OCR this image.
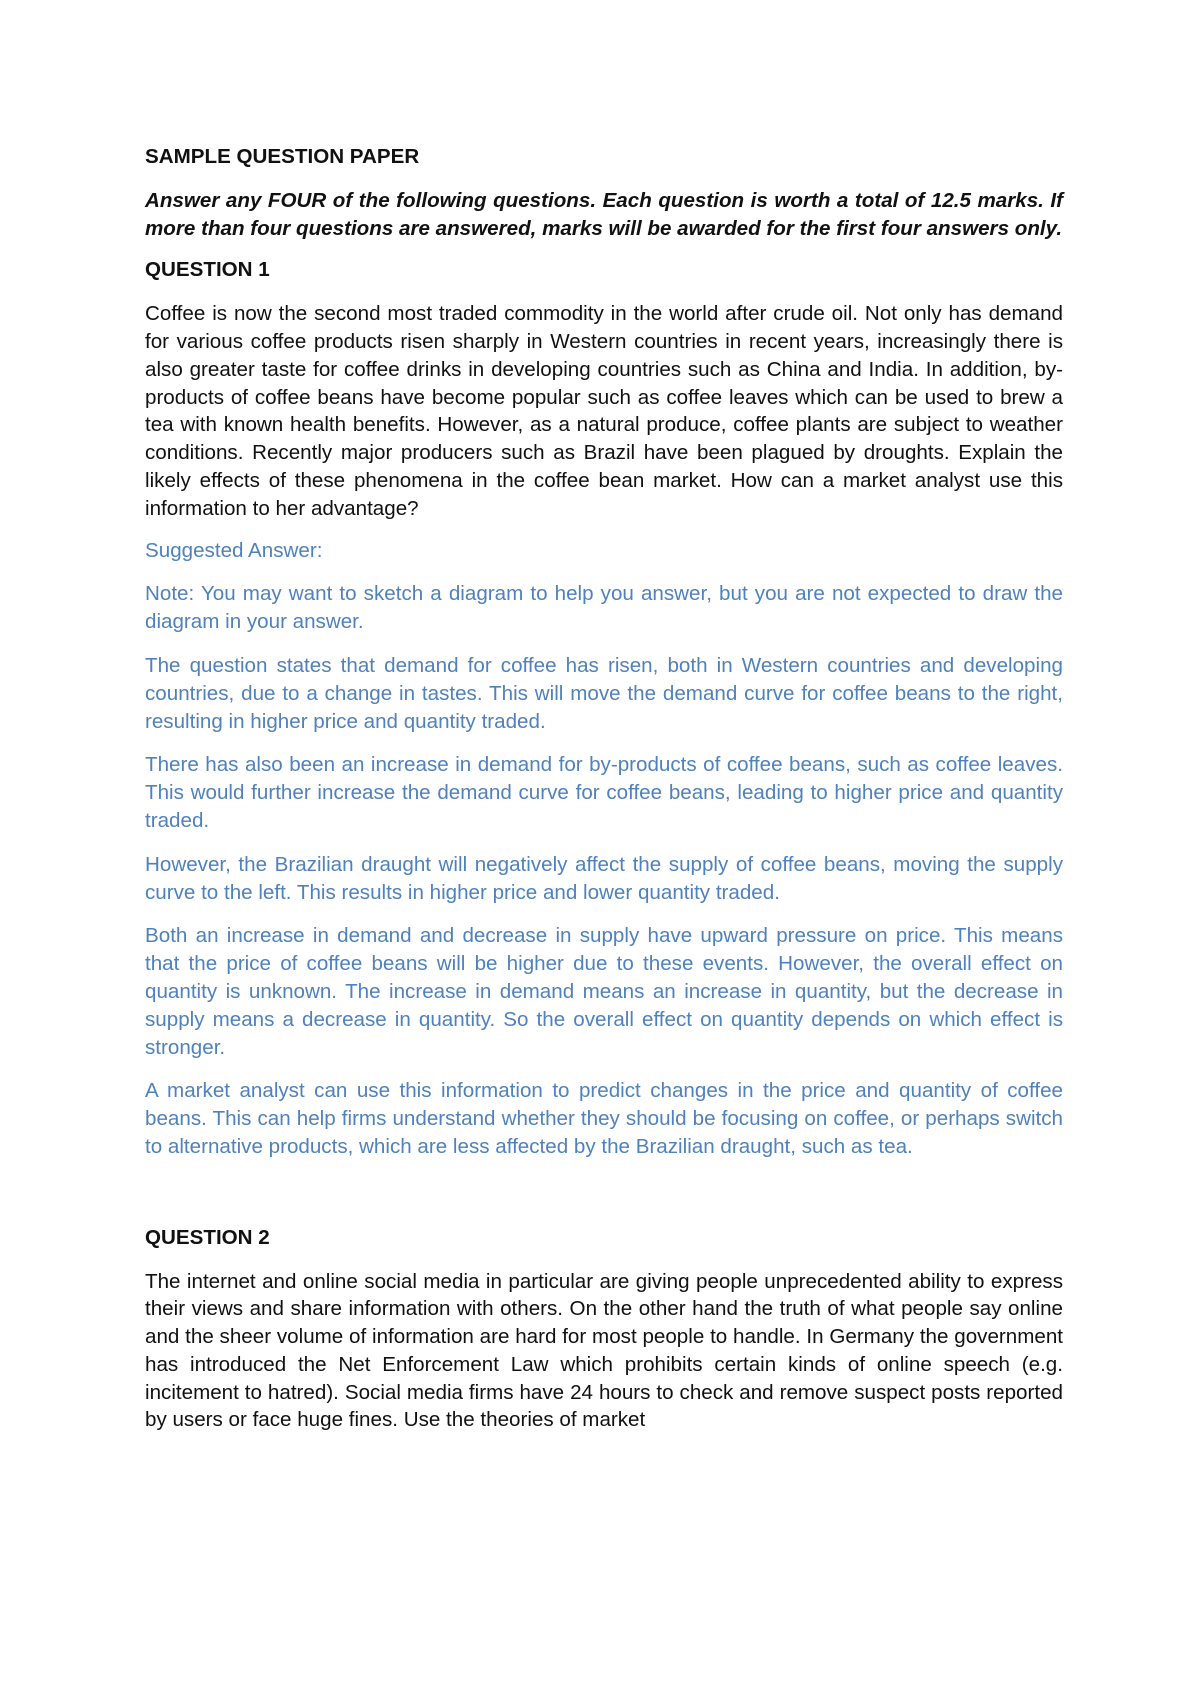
SAMPLE QUESTION PAPER

Answer any FOUR of the following questions. Each question is worth a total of 12.5 marks. If more than four questions are answered, marks will be awarded for the first four answers only.

QUESTION 1

Coffee is now the second most traded commodity in the world after crude oil. Not only has demand for various coffee products risen sharply in Western countries in recent years, increasingly there is also greater taste for coffee drinks in developing countries such as China and India. In addition, by-products of coffee beans have become popular such as coffee leaves which can be used to brew a tea with known health benefits. However, as a natural produce, coffee plants are subject to weather conditions. Recently major producers such as Brazil have been plagued by droughts. Explain the likely effects of these phenomena in the coffee bean market. How can a market analyst use this information to her advantage?

Suggested Answer:

Note: You may want to sketch a diagram to help you answer, but you are not expected to draw the diagram in your answer.

The question states that demand for coffee has risen, both in Western countries and developing countries, due to a change in tastes. This will move the demand curve for coffee beans to the right, resulting in higher price and quantity traded.

There has also been an increase in demand for by-products of coffee beans, such as coffee leaves. This would further increase the demand curve for coffee beans, leading to higher price and quantity traded.

However, the Brazilian draught will negatively affect the supply of coffee beans, moving the supply curve to the left. This results in higher price and lower quantity traded.

Both an increase in demand and decrease in supply have upward pressure on price. This means that the price of coffee beans will be higher due to these events. However, the overall effect on quantity is unknown. The increase in demand means an increase in quantity, but the decrease in supply means a decrease in quantity. So the overall effect on quantity depends on which effect is stronger.

A market analyst can use this information to predict changes in the price and quantity of coffee beans. This can help firms understand whether they should be focusing on coffee, or perhaps switch to alternative products, which are less affected by the Brazilian draught, such as tea.

QUESTION 2

The internet and online social media in particular are giving people unprecedented ability to express their views and share information with others. On the other hand the truth of what people say online and the sheer volume of information are hard for most people to handle. In Germany the government has introduced the Net Enforcement Law which prohibits certain kinds of online speech (e.g. incitement to hatred). Social media firms have 24 hours to check and remove suspect posts reported by users or face huge fines. Use the theories of market
